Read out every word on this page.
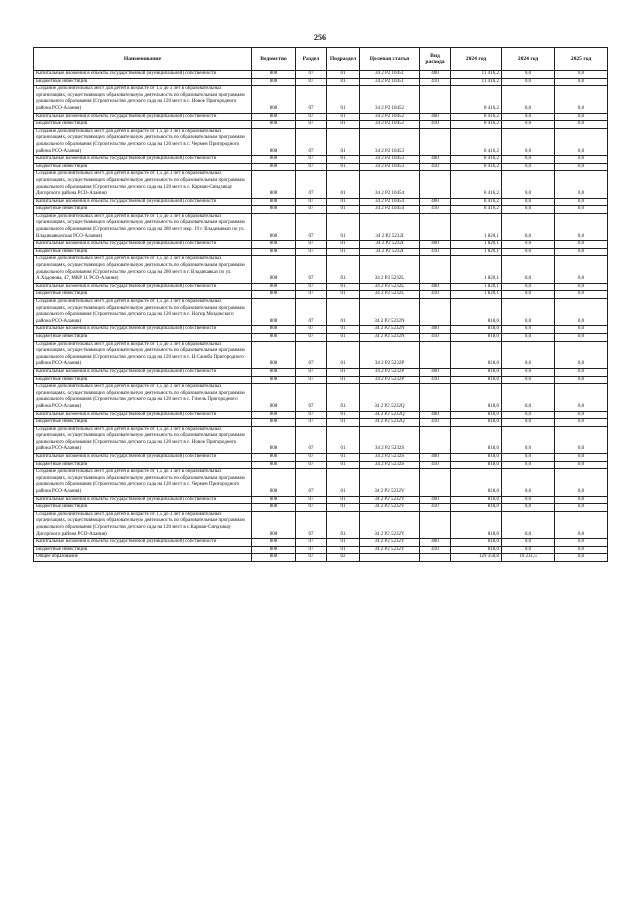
256
Наименование	Ведомство	Раздел	Подраздел	Целевая статья	Вид расхода	2024 год	2024 год	2025 год
Капитальные вложения в объекты государственной (муниципальной) собственности	808	07	01	34 2 P2 10451	400	11 416,2	0,0	0,0
Бюджетные инвестиции	808	07	01	34 2 P2 10451	410	11 416,2	0,0	0,0
Создание дополнительных мест для детей в возрасте от 1,5 до 3 лет в образовательных организациях, осуществляющих образовательную деятельность по образовательным программам дошкольного образования (Строительство детского сада на 120 мест в с. Новое Пригородного района РСО-Алания)	808	07	01	34 2 P2 10452		8 416,2	0,0	0,0
Капитальные вложения в объекты государственной (муниципальной) собственности	808	07	01	34 2 P2 10452	400	8 416,2	0,0	0,0
Бюджетные инвестиции	808	07	01	34 2 P2 10452	410	8 416,2	0,0	0,0
Создание дополнительных мест для детей в возрасте от 1,5 до 3 лет в образовательных организациях, осуществляющих образовательную деятельность по образовательным программам дошкольного образования (Строительство детского сада на 120 мест в с. Чермен Пригородного района РСО-Алания)	808	07	01	34 2 P2 10453		8 416,2	0,0	0,0
Капитальные вложения в объекты государственной (муниципальной) собственности	808	07	01	34 2 P2 10453	400	8 416,2	0,0	0,0
Бюджетные инвестиции	808	07	01	34 2 P2 10453	410	8 416,2	0,0	0,0
Создание дополнительных мест для детей в возрасте от 1,5 до 3 лет в образовательных организациях, осуществляющих образовательную деятельность по образовательным программам дошкольного образования (Строительство детского сада на 120 мест в с. Карман-Синдзикау Дигорского района РСО-Алания)	808	07	01	34 2 P2 10454		8 416,2	0,0	0,0
Капитальные вложения в объекты государственной (муниципальной) собственности	808	07	01	34 2 P2 10454	400	8 416,2	0,0	0,0
Бюджетные инвестиции	808	07	01	34 2 P2 10454	410	8 416,2	0,0	0,0
Создание дополнительных мест для детей в возрасте от 1,5 до 3 лет в образовательных организациях, осуществляющих образовательную деятельность по образовательным программам дошкольного образования (Строительство детского сада на 280 мест мкр. 19 г. Владикавказ по ул. Владикавказская РСО-Алания)	808	07	01	34 2 P2 5232I		1 820,1	0,0	0,0
Капитальные вложения в объекты государственной (муниципальной) собственности	808	07	01	34 2 P2 5232I	400	1 820,1	0,0	0,0
Бюджетные инвестиции	808	07	01	34 2 P2 5232I	410	1 820,1	0,0	0,0
Создание дополнительных мест для детей в возрасте от 1,5 до 3 лет в образовательных организациях, осуществляющих образовательную деятельность по образовательным программам дошкольного образования (Строительство детского сада на 280 мест в г. Владикавказ по ул. А.Хадонова, 47, МКР 11 РСО-Алания)	808	07	01	34 2 P2 5232L		1 820,1	0,0	0,0
Капитальные вложения в объекты государственной (муниципальной) собственности	808	07	01	34 2 P2 5232L	400	1 820,1	0,0	0,0
Бюджетные инвестиции	808	07	01	34 2 P2 5232L	410	1 820,1	0,0	0,0
Создание дополнительных мест для детей в возрасте от 1,5 до 3 лет в образовательных организациях, осуществляющих образовательную деятельность по образовательным программам дошкольного образования (Строительство детского сада на 120 мест в с. Ногир Моздокского района РСО-Алания)	808	07	01	34 2 P2 5232N		818,0	0,0	0,0
Капитальные вложения в объекты государственной (муниципальной) собственности	808	07	01	34 2 P2 5232N	400	818,0	0,0	0,0
Бюджетные инвестиции	808	07	01	34 2 P2 5232N	410	818,0	0,0	0,0
Создание дополнительных мест для детей в возрасте от 1,5 до 3 лет в образовательных организациях, осуществляющих образовательную деятельность по образовательным программам дошкольного образования (Строительство детского сада на 120 мест в с. Н.Саниба Пригородного района РСО-Алания)	808	07	01	34 2 P2 5232P		818,0	0,0	0,0
Капитальные вложения в объекты государственной (муниципальной) собственности	808	07	01	34 2 P2 5232P	400	818,0	0,0	0,0
Бюджетные инвестиции	808	07	01	34 2 P2 5232P	410	818,0	0,0	0,0
Создание дополнительных мест для детей в возрасте от 1,5 до 3 лет в образовательных организациях, осуществляющих образовательную деятельность по образовательным программам дошкольного образования (Строительство детского сада на 120 мест в с. Гизель Пригородного района РСО-Алания)	808	07	01	34 2 P2 5232Q		818,0	0,0	0,0
Капитальные вложения в объекты государственной (муниципальной) собственности	808	07	01	34 2 P2 5232Q	400	818,0	0,0	0,0
Бюджетные инвестиции	808	07	01	34 2 P2 5232Q	410	818,0	0,0	0,0
Создание дополнительных мест для детей в возрасте от 1,5 до 3 лет в образовательных организациях, осуществляющих образовательную деятельность по образовательным программам дошкольного образования (Строительство детского сада на 120 мест в с. Новое Пригородного района РСО-Алания)	808	07	01	34 2 P2 5232S		818,0	0,0	0,0
Капитальные вложения в объекты государственной (муниципальной) собственности	808	07	01	34 2 P2 5232S	400	818,0	0,0	0,0
Бюджетные инвестиции	808	07	01	34 2 P2 5232S	410	818,0	0,0	0,0
Создание дополнительных мест для детей в возрасте от 1,5 до 3 лет в образовательных организациях, осуществляющих образовательную деятельность по образовательным программам дошкольного образования (Строительство детского сада на 120 мест в с. Чермен Пригородного района РСО-Алания)	808	07	01	34 2 P2 5232V		818,0	0,0	0,0
Капитальные вложения в объекты государственной (муниципальной) собственности	808	07	01	34 2 P2 5232V	400	818,0	0,0	0,0
Бюджетные инвестиции	808	07	01	34 2 P2 5232V	410	818,0	0,0	0,0
Создание дополнительных мест для детей в возрасте от 1,5 до 3 лет в образовательных организациях, осуществляющих образовательную деятельность по образовательным программам дошкольного образования (Строительство детского сада на 120 мест в с.Карман-Синдзикау Дигорского района РСО-Алания)	808	07	01	34 2 P2 5232Y		818,0	0,0	0,0
Капитальные вложения в объекты государственной (муниципальной) собственности	808	07	01	34 2 P2 5232Y	400	818,0	0,0	0,0
Бюджетные инвестиции	808	07	01	34 2 P2 5232Y	410	818,0	0,0	0,0
Общее образование	808	07	02			129 358,8	19 231,5	0,0
